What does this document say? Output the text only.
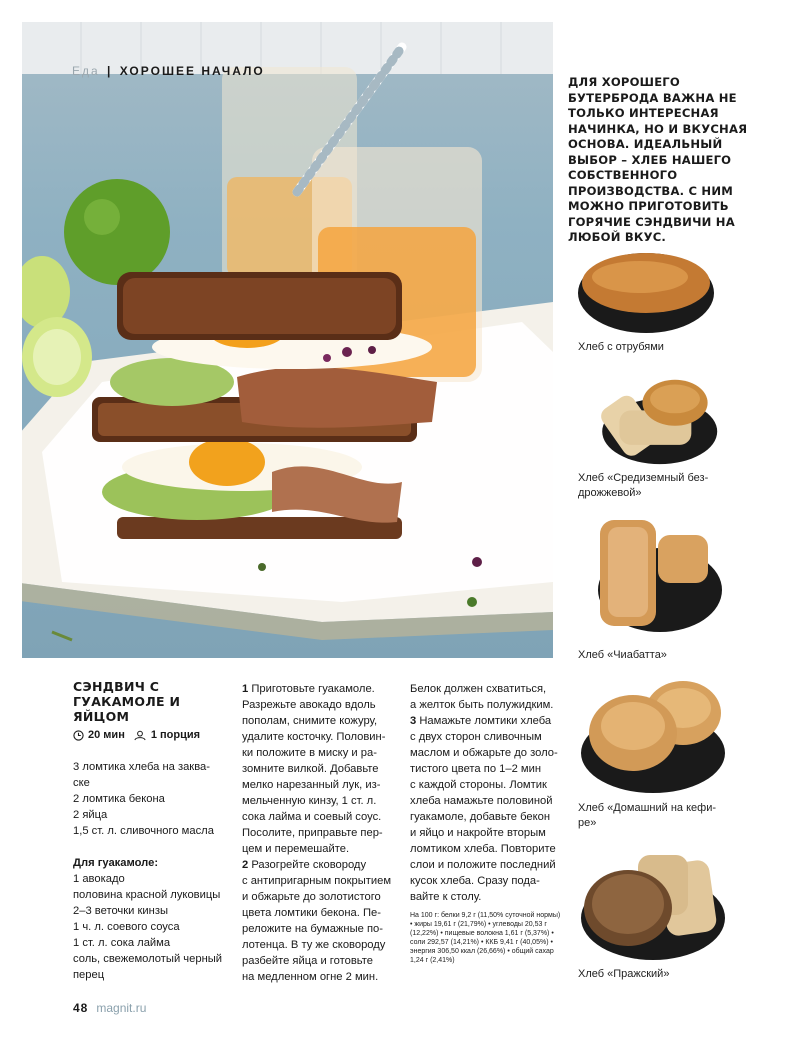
Еда | ХОРОШЕЕ НАЧАЛО
ДЛЯ ХОРОШЕГО БУТЕРБРОДА ВАЖНА НЕ ТОЛЬКО ИНТЕРЕСНАЯ НАЧИНКА, НО И ВКУСНАЯ ОСНОВА. ИДЕАЛЬНЫЙ ВЫБОР – ХЛЕБ НАШЕГО СОБСТВЕННОГО ПРОИЗВОДСТВА. С НИМ МОЖНО ПРИГОТОВИТЬ ГОРЯЧИЕ СЭНДВИЧИ НА ЛЮБОЙ ВКУС.
Хлеб с отрубями
Хлеб «Средиземный без-дрожжевой»
Хлеб «Чиабатта»
Хлеб «Домашний на кефи-ре»
Хлеб «Пражский»
СЭНДВИЧ С ГУАКАМОЛЕ И ЯЙЦОМ
20 мин 1 порция

3 ломтика хлеба на заква-

ске

2 ломтика бекона

2 яйца

1,5 ст. л. сливочного масла

Для гуакамоле:

1 авокадо

половина красной луковицы

2–3 веточки кинзы

1 ч. л. соевого соуса

1 ст. л. сока лайма

соль, свежемолотый черный

перец

1 Приготовьте гуакамоле.

Разрежьте авокадо вдоль

пополам, снимите кожуру,

удалите косточку. Половин-

ки положите в миску и ра-

зомните вилкой. Добавьте

мелко нарезанный лук, из-

мельченную кинзу, 1 ст. л.

сока лайма и соевый соус.

Посолите, приправьте пер-

цем и перемешайте.

2 Разогрейте сковороду

с антипригарным покрытием

и обжарьте до золотистого

цвета ломтики бекона. Пе-

реложите на бумажные по-

лотенца. В ту же сковороду

разбейте яйца и готовьте

на медленном огне 2 мин.

Белок должен схватиться,

а желток быть полужидким.

3 Намажьте ломтики хлеба

с двух сторон сливочным

маслом и обжарьте до золо-

тистого цвета по 1–2 мин

с каждой стороны. Ломтик

хлеба намажьте половиной

гуакамоле, добавьте бекон

и яйцо и накройте вторым

ломтиком хлеба. Повторите

слои и положите последний

кусок хлеба. Сразу пода-

вайте к столу.

На 100 г: белки 9,2 г (11,50% суточной нормы) • жиры 19,61 г (21,79%) • углеводы 20,53 г (12,22%) • пищевые волокна 1,61 г (5,37%) • соли 292,57 (14,21%) • ККБ 9,41 г (40,05%) • энергия 306,50 ккал (26,66%) • общий сахар 1,24 г (2,41%)
48 magnit.ru
